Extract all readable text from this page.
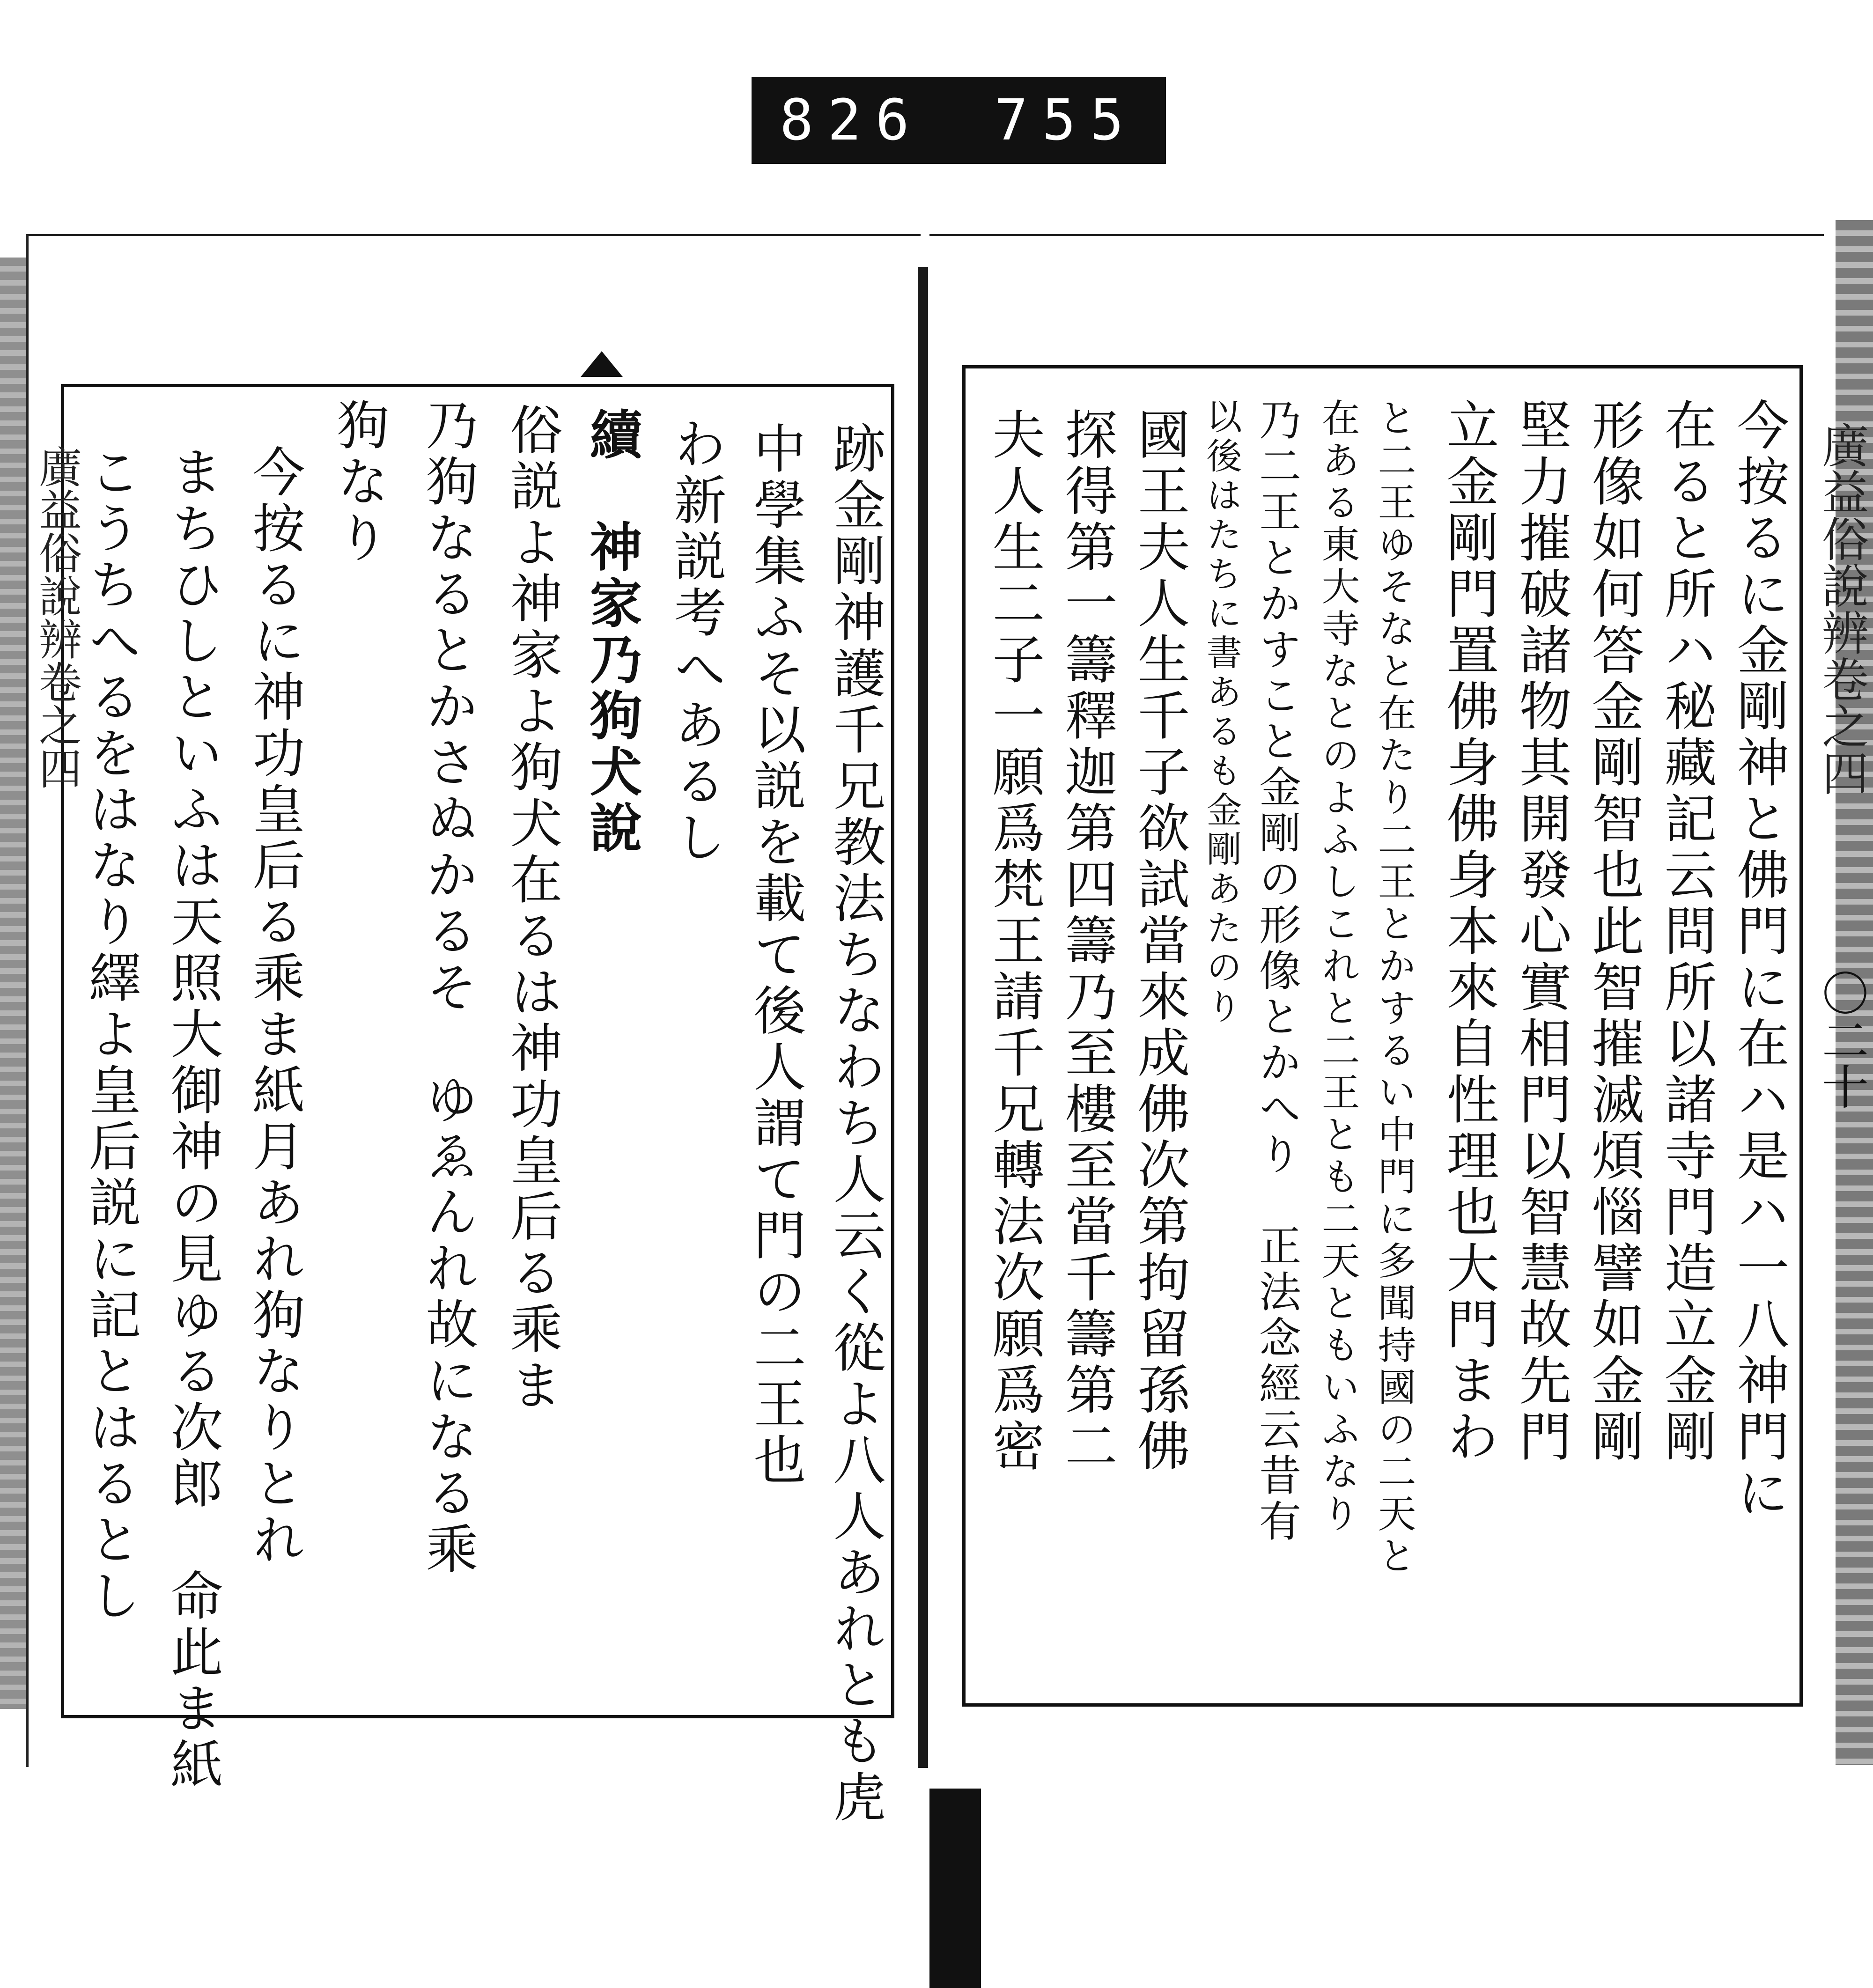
826 755
廣益俗說辨卷之四	跡金剛神護千兄教法ちなわち人云く從よ八人あれとも虎
中學集ふそ以説を載て後人謂て門の二王也
わ新説考へあるし
續　神家乃狗犬說
俗説よ神家よ狗犬在るは神功皇后る乘ま
乃狗なるとかさぬかるそ　ゆゑんれ故になる乘
狗なり
今按るに神功皇后る乘ま紙月あれ狗なりとれ
まちひしといふは天照大御神の見ゆる次郎　命此ま紙
こうちへるをはなり繹よ皇后説に記とはるとし	廣益俗說辨卷之四
〇二十
今按るに金剛神と佛門に在ハ是ハ一八神門に
在ると所ハ秘藏記云問所以諸寺門造立金剛
形像如何答金剛智也此智摧滅煩惱譬如金剛
堅力摧破諸物其開發心實相門以智慧故先門
立金剛門置佛身佛身本來自性理也大門まわ
と二王ゆそなと在たり二王とかするい中門に多聞持國の二天と
在ある東大寺なとのよふしこれと二王とも二天ともいふなり
乃二王とかすこと金剛の形像とかへり　正法念經云昔有
以後はたちに書あるも金剛あたのり
國王夫人生千子欲試當來成佛次第拘留孫佛
探得第一籌釋迦第四籌乃至樓至當千籌第二
夫人生二子一願爲梵王請千兄轉法次願爲密
